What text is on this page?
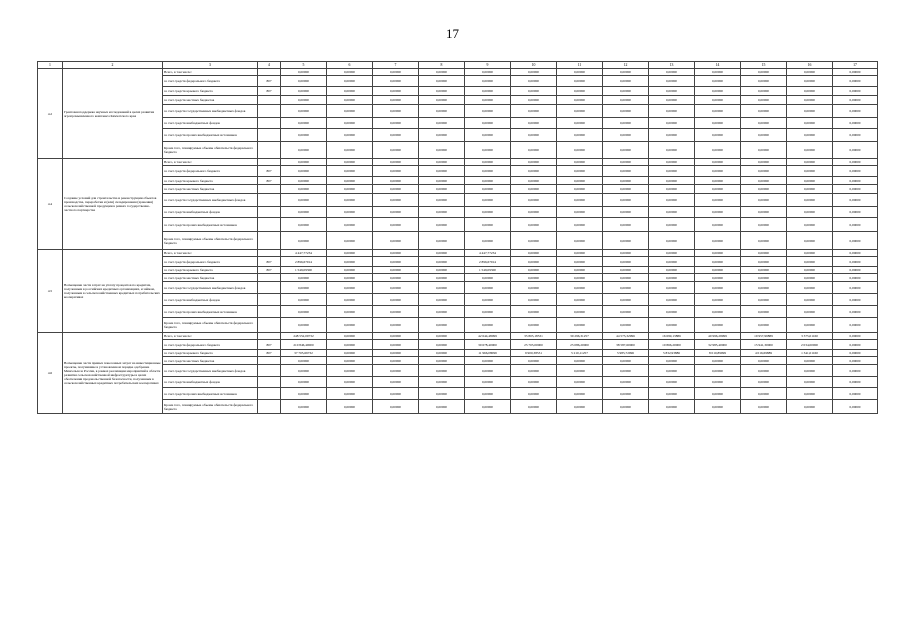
17
1	2	3	4	5	6	7	8	9	10	11	12	13	14	15	16	17
4.2	Грантовая поддержка научных исследований в целях развития агропромышленного комплекса Камчатского края	Всего, в том числе:		0,00000	0,00000	0,00000	0,00000	0,00000	0,00000	0,00000	0,00000	0,00000	0,00000	0,00000	0,00000	0,00000
		за счет средств федерального бюджета	807	0,00000	0,00000	0,00000	0,00000	0,00000	0,00000	0,00000	0,00000	0,00000	0,00000	0,00000	0,00000	0,00000
		за счет средств краевого бюджета	807	0,00000	0,00000	0,00000	0,00000	0,00000	0,00000	0,00000	0,00000	0,00000	0,00000	0,00000	0,00000	0,00000
		за счет средств местных бюджетов		0,00000	0,00000	0,00000	0,00000	0,00000	0,00000	0,00000	0,00000	0,00000	0,00000	0,00000	0,00000	0,00000
		за счет средств государственных внебюджетных фондов		0,00000	0,00000	0,00000	0,00000	0,00000	0,00000	0,00000	0,00000	0,00000	0,00000	0,00000	0,00000	0,00000
		за счет средств внебюджетных фондов		0,00000	0,00000	0,00000	0,00000	0,00000	0,00000	0,00000	0,00000	0,00000	0,00000	0,00000	0,00000	0,00000
		за счет средств прочих внебюджетных источников		0,00000	0,00000	0,00000	0,00000	0,00000	0,00000	0,00000	0,00000	0,00000	0,00000	0,00000	0,00000	0,00000
		Кроме того, планируемые объемы обязательств федерального бюджета		0,00000	0,00000	0,00000	0,00000	0,00000	0,00000	0,00000	0,00000	0,00000	0,00000	0,00000	0,00000	0,00000
4.4	Создание условий для строительства и реконструкции объектов производства, переработки и (или) складирования (хранения) сельскохозяйственной продукции в рамках государственно-частного партнерства	Всего, в том числе:		0,00000	0,00000	0,00000	0,00000	0,00000	0,00000	0,00000	0,00000	0,00000	0,00000	0,00000	0,00000	0,00000
		за счет средств федерального бюджета	807	0,00000	0,00000	0,00000	0,00000	0,00000	0,00000	0,00000	0,00000	0,00000	0,00000	0,00000	0,00000	0,00000
		за счет средств краевого бюджета	807	0,00000	0,00000	0,00000	0,00000	0,00000	0,00000	0,00000	0,00000	0,00000	0,00000	0,00000	0,00000	0,00000
		за счет средств местных бюджетов		0,00000	0,00000	0,00000	0,00000	0,00000	0,00000	0,00000	0,00000	0,00000	0,00000	0,00000	0,00000	0,00000
		за счет средств государственных внебюджетных фондов		0,00000	0,00000	0,00000	0,00000	0,00000	0,00000	0,00000	0,00000	0,00000	0,00000	0,00000	0,00000	0,00000
		за счет средств внебюджетных фондов		0,00000	0,00000	0,00000	0,00000	0,00000	0,00000	0,00000	0,00000	0,00000	0,00000	0,00000	0,00000	0,00000
		за счет средств прочих внебюджетных источников		0,00000	0,00000	0,00000	0,00000	0,00000	0,00000	0,00000	0,00000	0,00000	0,00000	0,00000	0,00000	0,00000
		Кроме того, планируемые объемы обязательств федерального бюджета		0,00000	0,00000	0,00000	0,00000	0,00000	0,00000	0,00000	0,00000	0,00000	0,00000	0,00000	0,00000	0,00000
4.5	Возмещение части затрат на уплату процентов по кредитам, полученным в российских кредитных организациях, и займам, полученным в сельскохозяйственных кредитных потребительских кооперативах	Всего, в том числе:		4 447,77234	0,00000	0,00000	0,00000	4 447,77234	0,00000	0,00000	0,00000	0,00000	0,00000	0,00000	0,00000	0,00000
		за счет средств федерального бюджета	807	2 896,67914	0,00000	0,00000	0,00000	2 896,67914	0,00000	0,00000	0,00000	0,00000	0,00000	0,00000	0,00000	0,00000
		за счет средств краевого бюджета	807	1 549,09300	0,00000	0,00000	0,00000	1 549,09300	0,00000	0,00000	0,00000	0,00000	0,00000	0,00000	0,00000	0,00000
		за счет средств местных бюджетов		0,00000	0,00000	0,00000	0,00000	0,00000	0,00000	0,00000	0,00000	0,00000	0,00000	0,00000	0,00000	0,00000
		за счет средств государственных внебюджетных фондов		0,00000	0,00000	0,00000	0,00000	0,00000	0,00000	0,00000	0,00000	0,00000	0,00000	0,00000	0,00000	0,00000
		за счет средств внебюджетных фондов		0,00000	0,00000	0,00000	0,00000	0,00000	0,00000	0,00000	0,00000	0,00000	0,00000	0,00000	0,00000	0,00000
		за счет средств прочих внебюджетных источников		0,00000	0,00000	0,00000	0,00000	0,00000	0,00000	0,00000	0,00000	0,00000	0,00000	0,00000	0,00000	0,00000
		Кроме того, планируемые объемы обязательств федерального бюджета		0,00000	0,00000	0,00000	0,00000	0,00000	0,00000	0,00000	0,00000	0,00000	0,00000	0,00000	0,00000	0,00000
4.6	Возмещение части прямых понесенных затрат на инвестиционные проекты, получившие в установленном порядке одобрение Минсельхоза России, в рамках реализации мероприятий в области развития сельскохозяйственной инфраструктуры в целях обеспечения продовольственной безопасности, полученным в сельскохозяйственных кредитных потребительских кооперативах	Всего, в том числе:		248 552,09732	0,00000	0,00000	0,00000	42 644,48099	35 803,18531	30 296,31257	44 573,32996	16 699,13886	40 996,29999	19 957,99889	3 375,01160	0,00000
		за счет средств федерального бюджета	807	210 846,40000	0,00000	0,00000	0,00000	30 678,40000	25 703,00000	25 086,20000	38 587,60000	10 866,20000	32 985,40000	15 941,30000	2 034,00000	0,00000
		за счет средств краевого бюджета	807	37 705,69732	0,00000	0,00000	0,00000	11 966,08099	9 900,38531	5 210,11257	5 985,72996	5 832,93886	8 010,89999	4 016,69889	1 341,01160	0,00000
		за счет средств местных бюджетов		0,00000	0,00000	0,00000	0,00000	0,00000	0,00000	0,00000	0,00000	0,00000	0,00000	0,00000	0,00000	0,00000
		за счет средств государственных внебюджетных фондов		0,00000	0,00000	0,00000	0,00000	0,00000	0,00000	0,00000	0,00000	0,00000	0,00000	0,00000	0,00000	0,00000
		за счет средств внебюджетных фондов		0,00000	0,00000	0,00000	0,00000	0,00000	0,00000	0,00000	0,00000	0,00000	0,00000	0,00000	0,00000	0,00000
		за счет средств прочих внебюджетных источников		0,00000	0,00000	0,00000	0,00000	0,00000	0,00000	0,00000	0,00000	0,00000	0,00000	0,00000	0,00000	0,00000
		Кроме того, планируемые объемы обязательств федерального бюджета		0,00000	0,00000	0,00000	0,00000	0,00000	0,00000	0,00000	0,00000	0,00000	0,00000	0,00000	0,00000	0,00000
